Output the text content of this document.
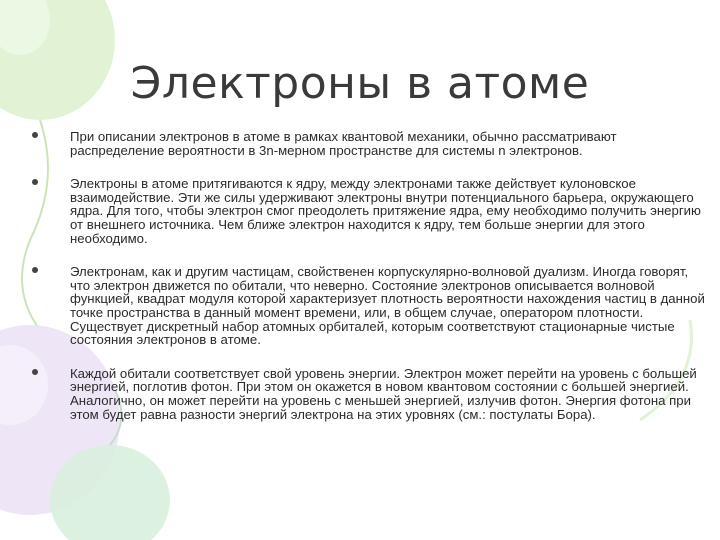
Электроны в атоме
При описании электронов в атоме в рамках квантовой механики, обычно рассматривают распределение вероятности в 3n-мерном пространстве для системы n электронов.
Электроны в атоме притягиваются к ядру, между электронами также действует кулоновское взаимодействие. Эти же силы удерживают электроны внутри потенциального барьера, окружающего ядра. Для того, чтобы электрон смог преодолеть притяжение ядра, ему необходимо получить энергию от внешнего источника. Чем ближе электрон находится к ядру, тем больше энергии для этого необходимо.
Электронам, как и другим частицам, свойственен корпускулярно-волновой дуализм. Иногда говорят, что электрон движется по обитали, что неверно. Состояние электронов описывается волновой функцией, квадрат модуля которой характеризует плотность вероятности нахождения частиц в данной точке пространства в данный момент времени, или, в общем случае, оператором плотности. Существует дискретный набор атомных орбиталей, которым соответствуют стационарные чистые состояния электронов в атоме.
Каждой обитали соответствует свой уровень энергии. Электрон может перейти на уровень с большей энергией, поглотив фотон. При этом он окажется в новом квантовом состоянии с большей энергией. Аналогично, он может перейти на уровень с меньшей энергией, излучив фотон. Энергия фотона при этом будет равна разности энергий электрона на этих уровнях (см.: постулаты Бора).
